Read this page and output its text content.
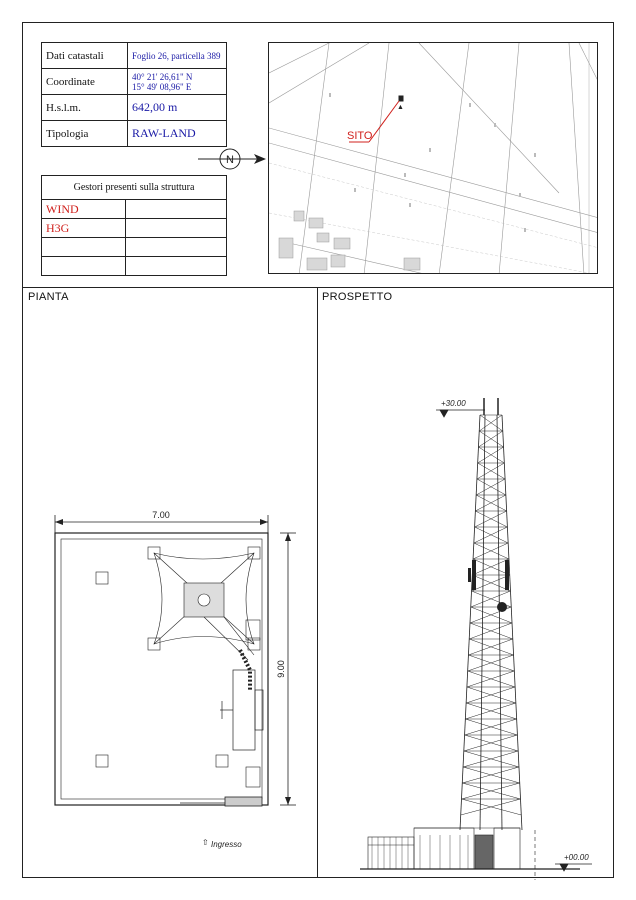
Dati catastali	Foglio 26, particella 389
Coordinate	40° 21' 26,61" N
15° 49' 08,96" E

H.s.l.m.	642,00 m
Tipologia	RAW-LAND
Gestori presenti sulla struttura	
WIND	
H3G	

N
▲
SITO
PIANTA	PROSPETTO
7.00
9.00
⇧ Ingresso
+30.00
+00.00
